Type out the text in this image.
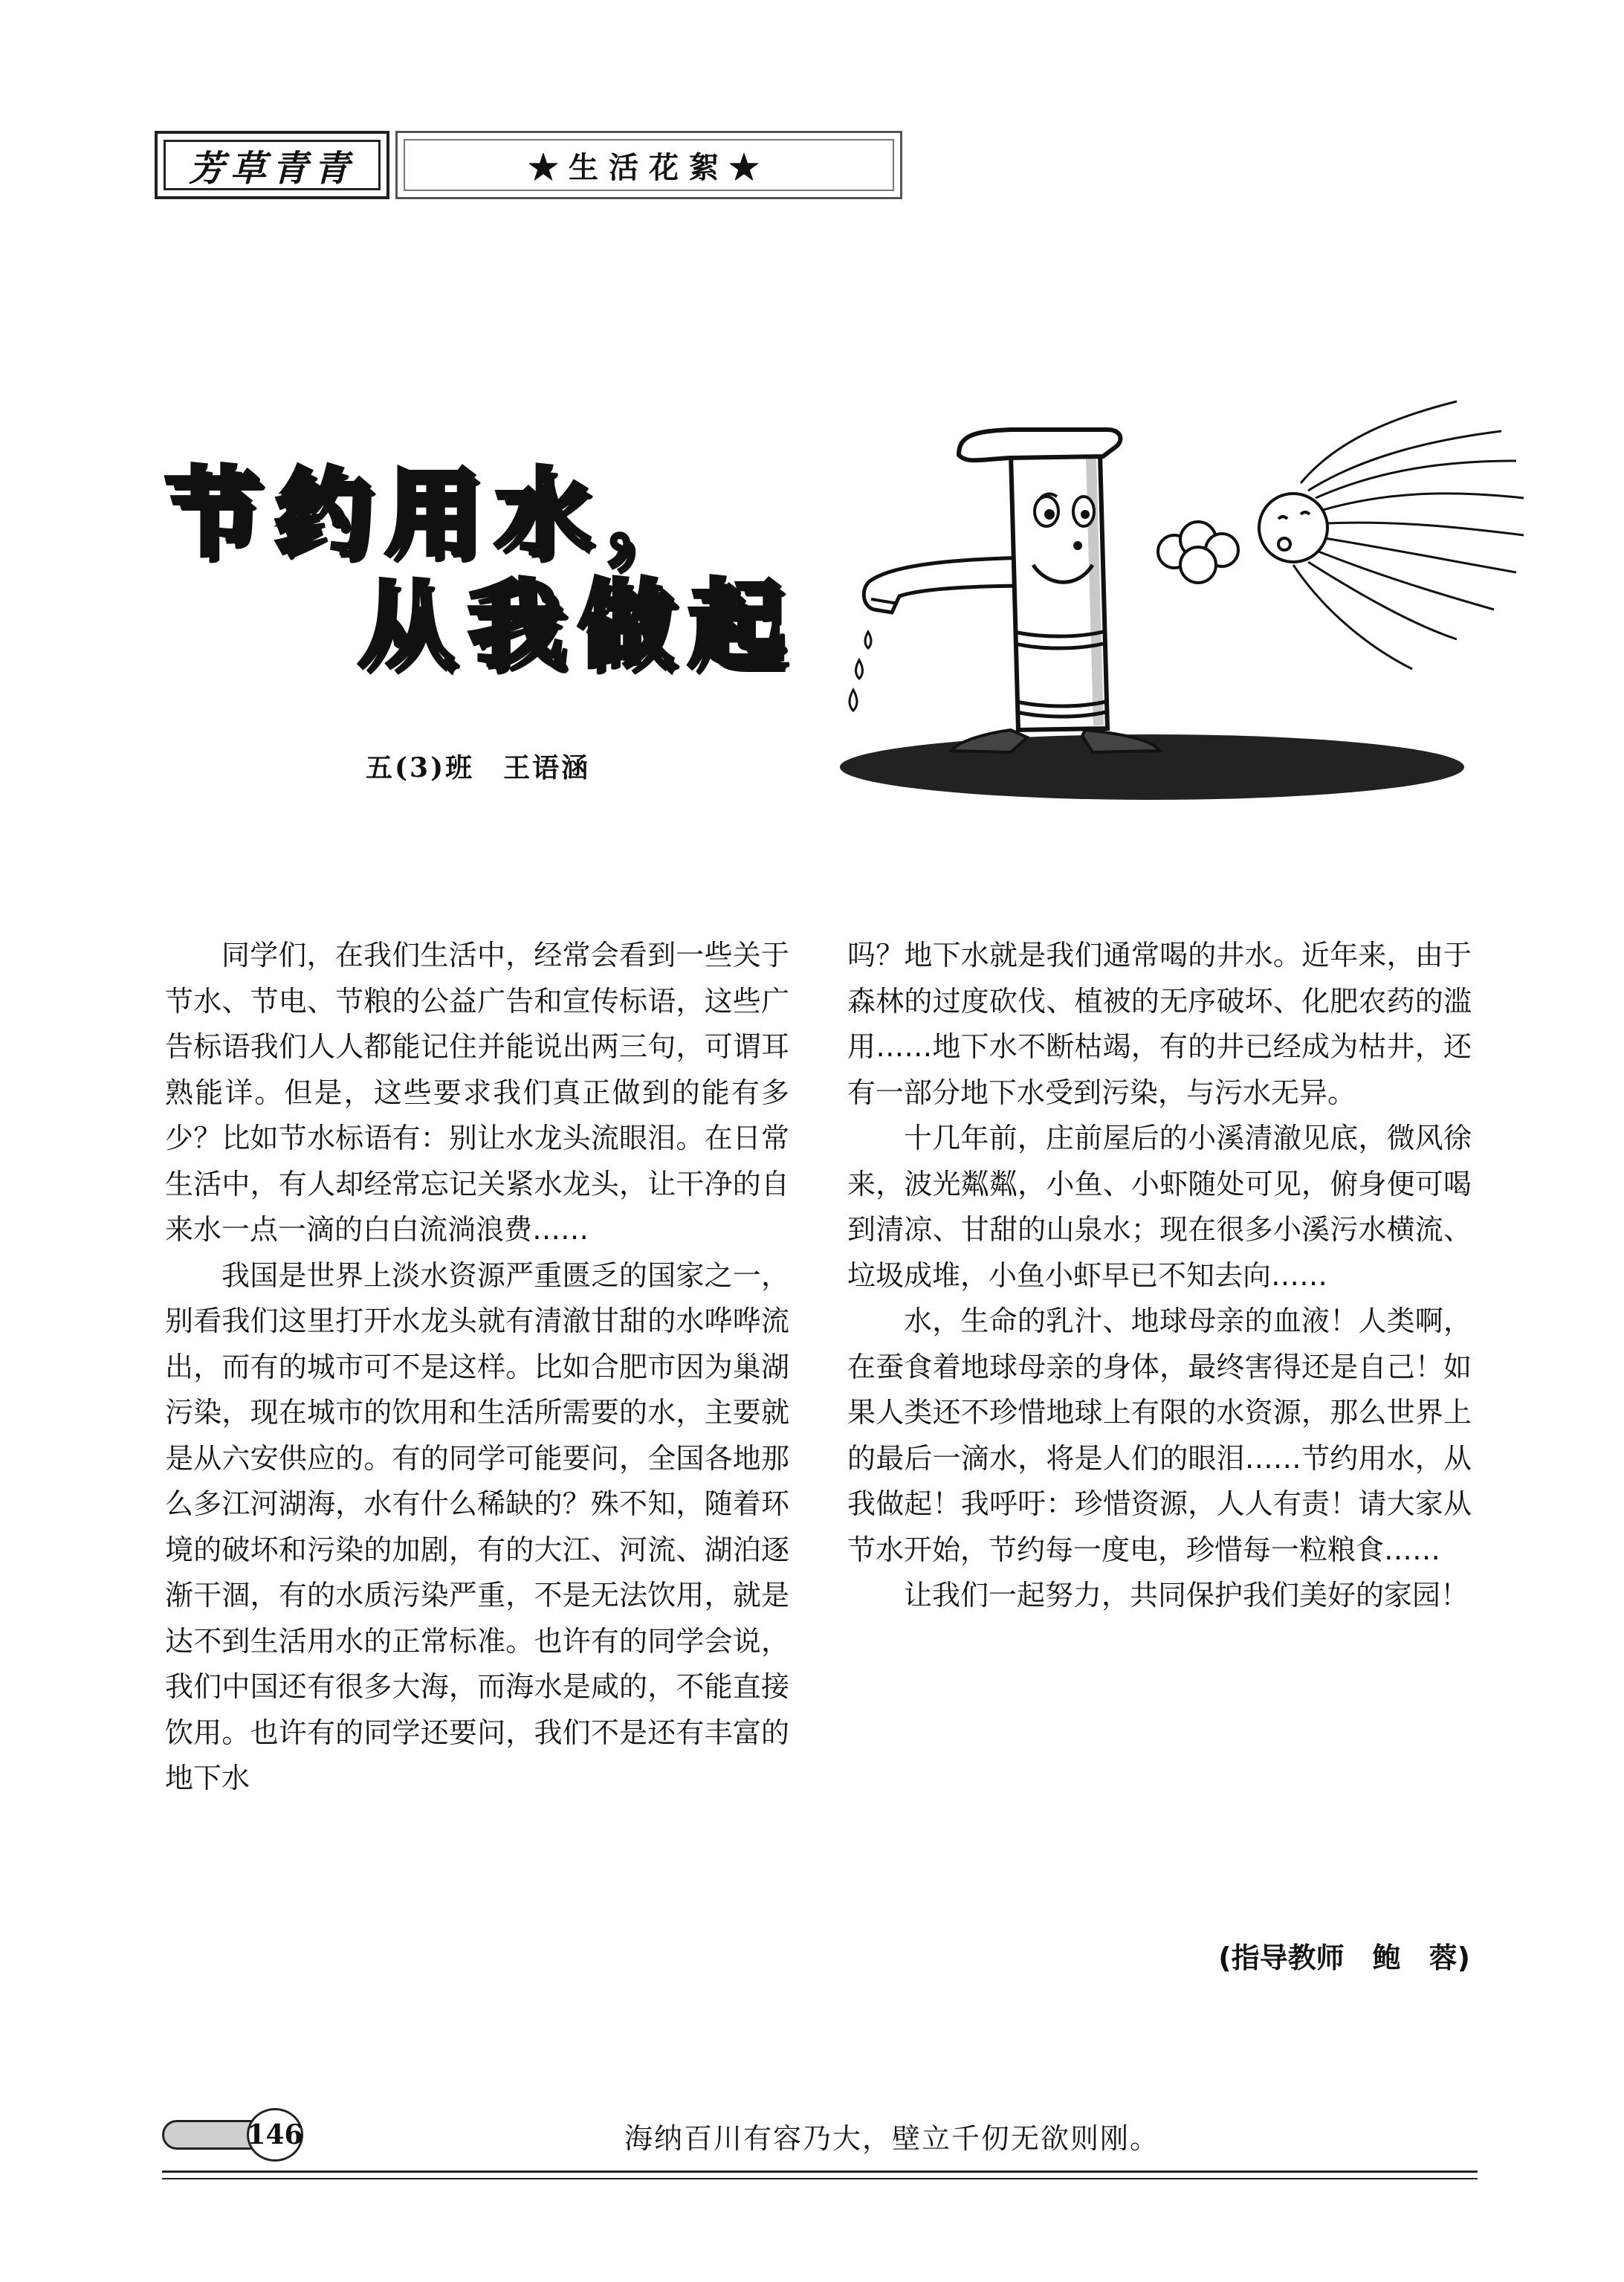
芳草青青	★生活花絮★
节约用水，
从我做起
五(3)班　王语涵

同学们，在我们生活中，经常会看到一些关于节水、节电、节粮的公益广告和宣传标语，这些广告标语我们人人都能记住并能说出两三句，可谓耳熟能详。但是，这些要求我们真正做到的能有多少？比如节水标语有：别让水龙头流眼泪。在日常生活中，有人却经常忘记关紧水龙头，让干净的自来水一点一滴的白白流淌浪费……

我国是世界上淡水资源严重匮乏的国家之一，别看我们这里打开水龙头就有清澈甘甜的水哗哗流出，而有的城市可不是这样。比如合肥市因为巢湖污染，现在城市的饮用和生活所需要的水，主要就是从六安供应的。有的同学可能要问，全国各地那么多江河湖海，水有什么稀缺的？殊不知，随着环境的破坏和污染的加剧，有的大江、河流、湖泊逐渐干涸，有的水质污染严重，不是无法饮用，就是达不到生活用水的正常标准。也许有的同学会说，我们中国还有很多大海，而海水是咸的，不能直接饮用。也许有的同学还要问，我们不是还有丰富的地下水

吗？地下水就是我们通常喝的井水。近年来，由于森林的过度砍伐、植被的无序破坏、化肥农药的滥用……地下水不断枯竭，有的井已经成为枯井，还有一部分地下水受到污染，与污水无异。

十几年前，庄前屋后的小溪清澈见底，微风徐来，波光粼粼，小鱼、小虾随处可见，俯身便可喝到清凉、甘甜的山泉水；现在很多小溪污水横流、垃圾成堆，小鱼小虾早已不知去向……

水，生命的乳汁、地球母亲的血液！人类啊，在蚕食着地球母亲的身体，最终害得还是自己！如果人类还不珍惜地球上有限的水资源，那么世界上的最后一滴水，将是人们的眼泪……节约用水，从我做起！我呼吁：珍惜资源，人人有责！请大家从节水开始，节约每一度电，珍惜每一粒粮食……

让我们一起努力，共同保护我们美好的家园！

(指导教师　鲍　蓉)
146	海纳百川有容乃大，壁立千仞无欲则刚。
